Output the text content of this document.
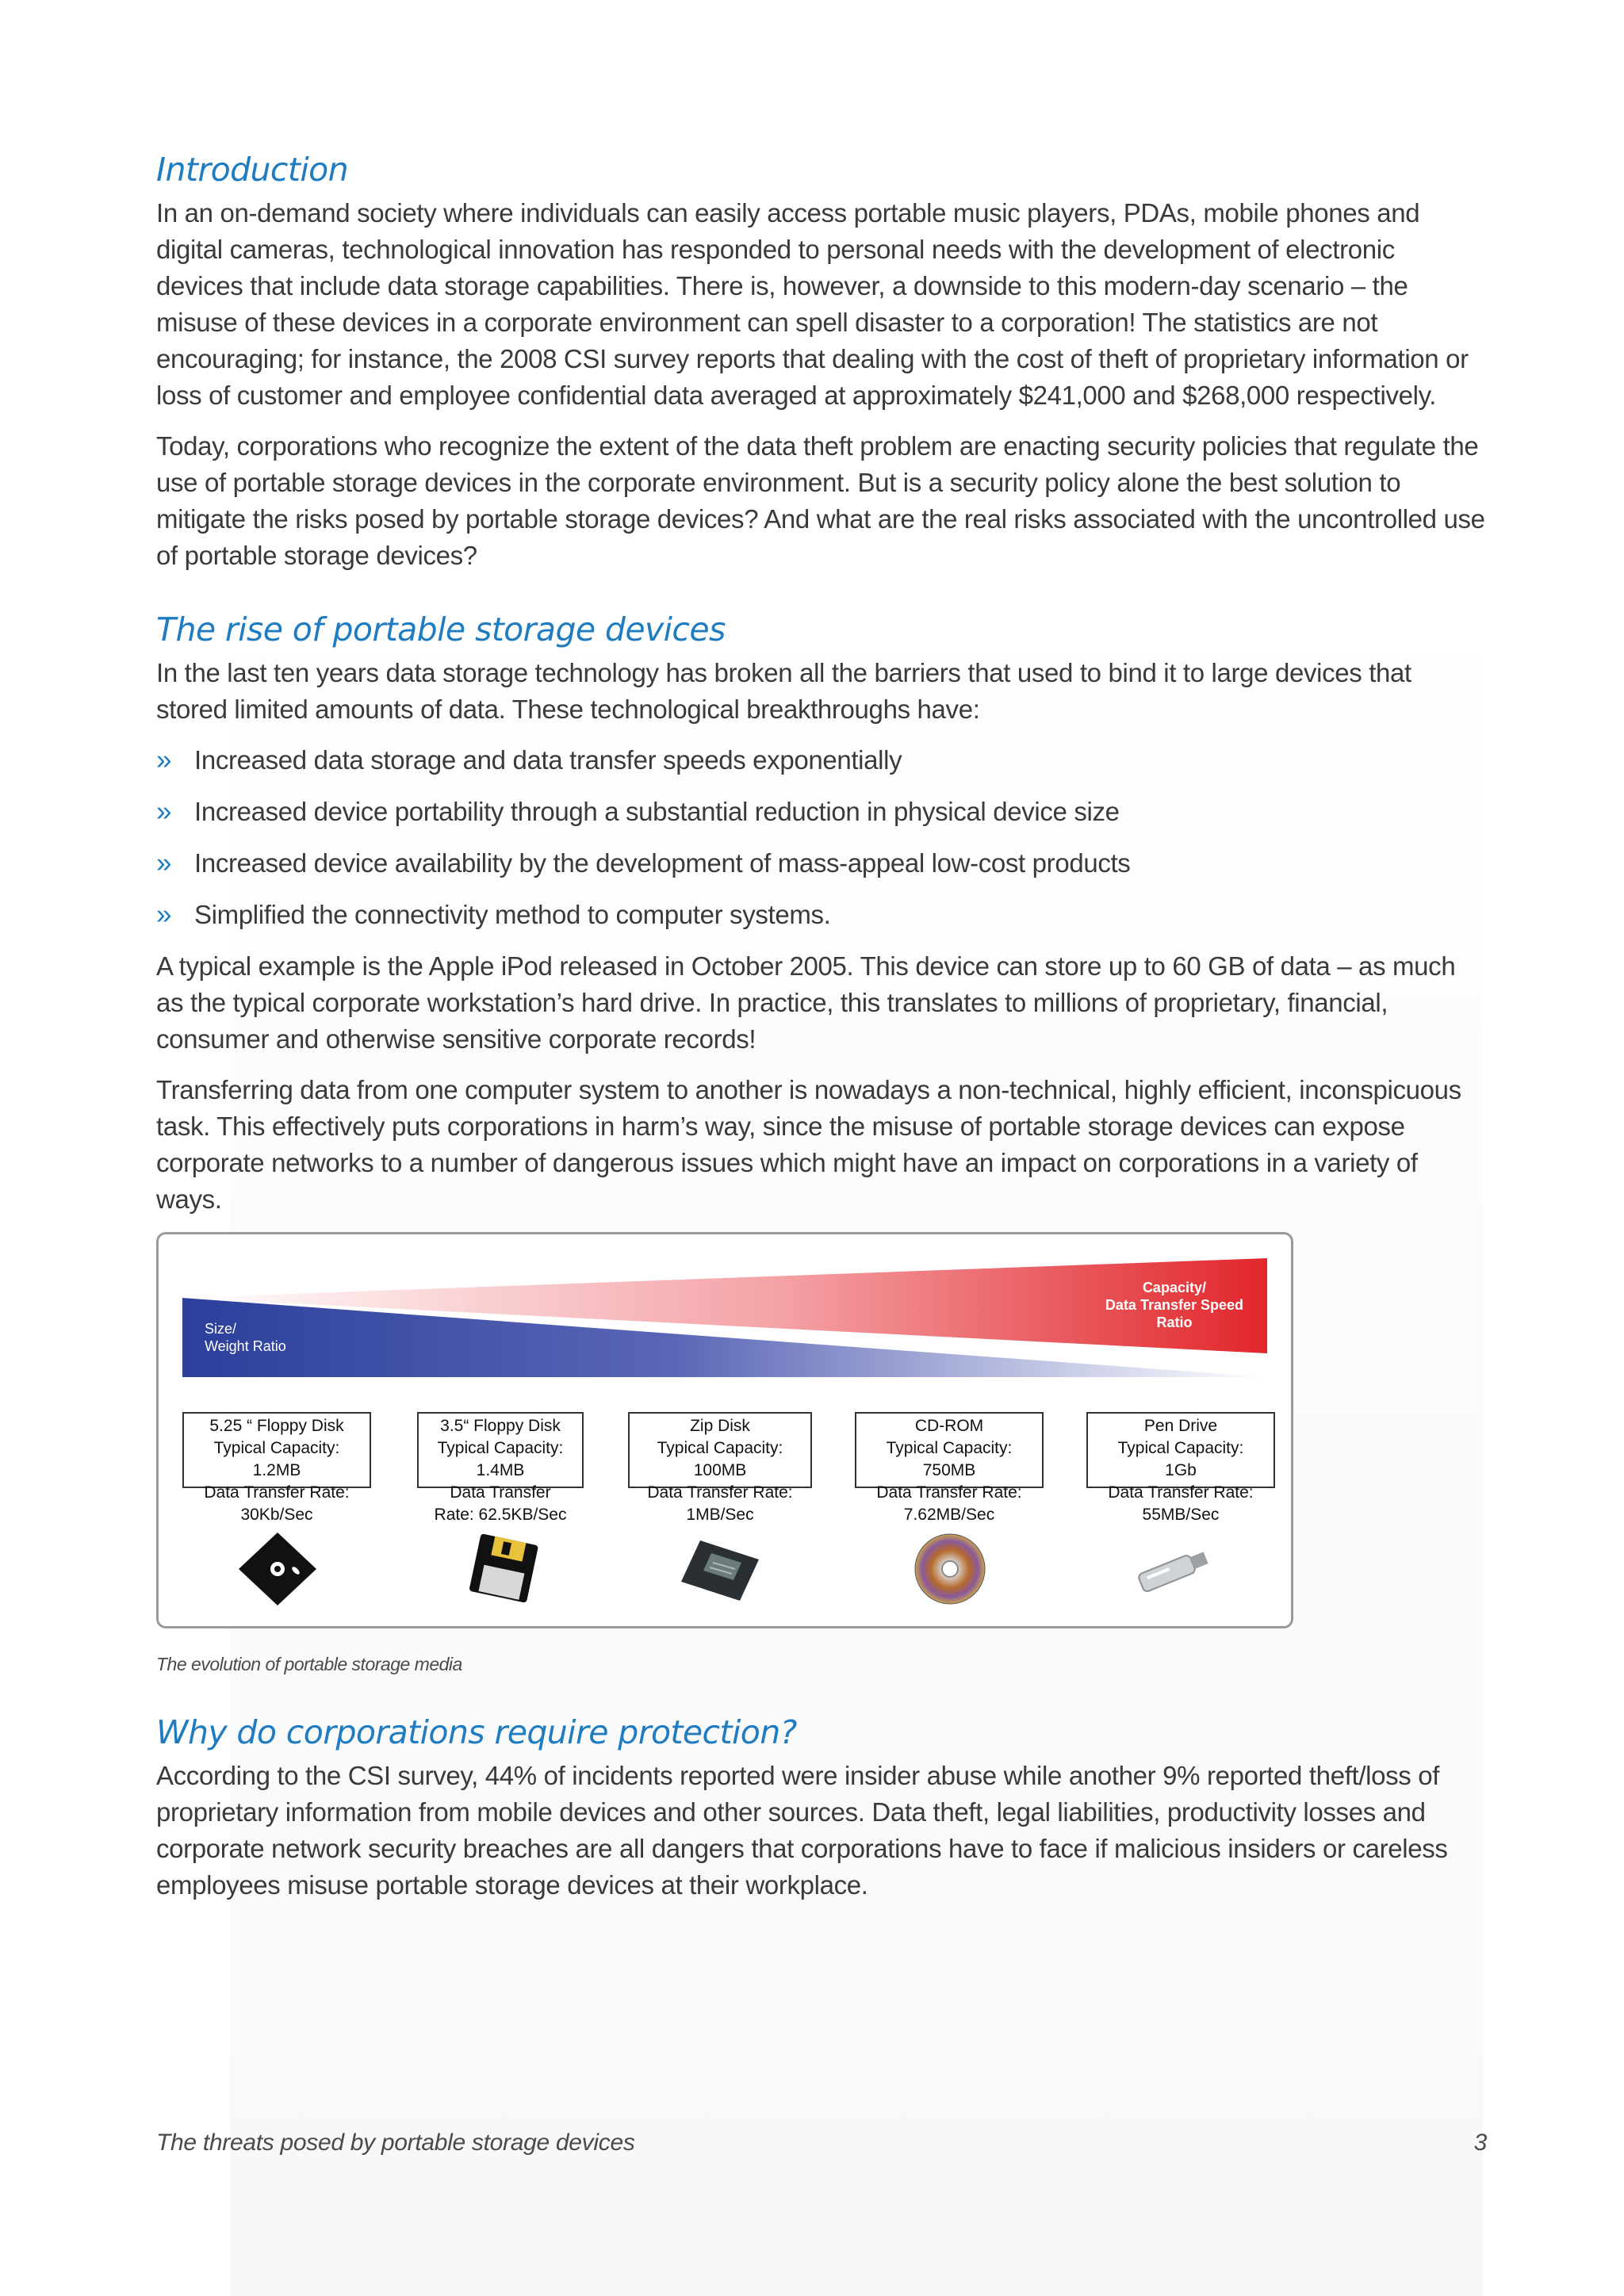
Introduction

In an on-demand society where individuals can easily access portable music players, PDAs, mobile phones and digital cameras, technological innovation has responded to personal needs with the development of electronic devices that include data storage capabilities. There is, however, a downside to this modern-day scenario – the misuse of these devices in a corporate environment can spell disaster to a corporation! The statistics are not encouraging; for instance, the 2008 CSI survey reports that dealing with the cost of theft of proprietary information or loss of customer and employee confidential data averaged at approximately $241,000 and $268,000 respectively.

Today, corporations who recognize the extent of the data theft problem are enacting security policies that regulate the use of portable storage devices in the corporate environment. But is a security policy alone the best solution to mitigate the risks posed by portable storage devices? And what are the real risks associated with the uncontrolled use of portable storage devices?

The rise of portable storage devices

In the last ten years data storage technology has broken all the barriers that used to bind it to large devices that stored limited amounts of data. These technological breakthroughs have:

» Increased data storage and data transfer speeds exponentially
» Increased device portability through a substantial reduction in physical device size
» Increased device availability by the development of mass-appeal low-cost products
» Simplified the connectivity method to computer systems.

A typical example is the Apple iPod released in October 2005. This device can store up to 60 GB of data – as much as the typical corporate workstation’s hard drive. In practice, this translates to millions of proprietary, financial, consumer and otherwise sensitive corporate records!

Transferring data from one computer system to another is nowadays a non-technical, highly efficient, inconspicuous task. This effectively puts corporations in harm’s way, since the misuse of portable storage devices can expose corporate networks to a number of dangerous issues which might have an impact on corporations in a variety of ways.

Size/
Weight Ratio
Capacity/
Data Transfer Speed
Ratio
5.25 “ Floppy Disk
Typical Capacity:
1.2MB
Data Transfer Rate:
30Kb/Sec
3.5“ Floppy Disk
Typical Capacity:
1.4MB
Data Transfer
Rate: 62.5KB/Sec
Zip Disk
Typical Capacity:
100MB
Data Transfer Rate:
1MB/Sec
CD-ROM
Typical Capacity:
750MB
Data Transfer Rate:
7.62MB/Sec
Pen Drive
Typical Capacity:
1Gb
Data Transfer Rate:
55MB/Sec
The evolution of portable storage media
Why do corporations require protection?

According to the CSI survey, 44% of incidents reported were insider abuse while another 9% reported theft/loss of proprietary information from mobile devices and other sources. Data theft, legal liabilities, productivity losses and corporate network security breaches are all dangers that corporations have to face if malicious insiders or careless employees misuse portable storage devices at their workplace.

The threats posed by portable storage devices	3
